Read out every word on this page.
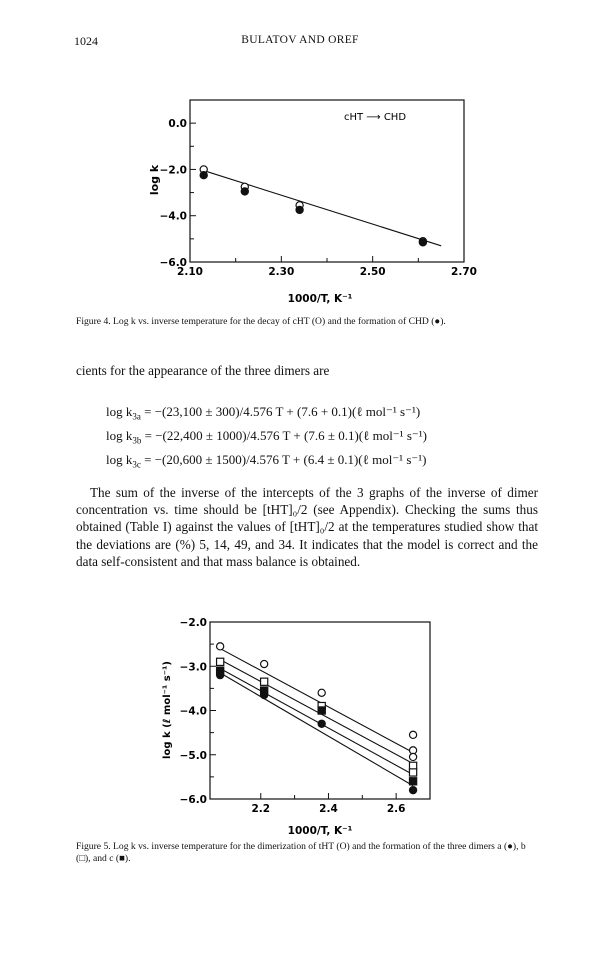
1024	BULATOV AND OREF
0.0
−2.0
−4.0
−6.0
2.10	2.30	2.50	2.70
cHT ⟶ CHD
log k
1000/T, K⁻¹
Figure 4. Log k vs. inverse temperature for the decay of cHT (O) and the formation of CHD (●).
cients for the appearance of the three dimers are
$\log k_{3a} = -(23,100 \pm 300)/4.576$ T + (7.6 + 0.1)(ℓ mol⁻¹ s⁻¹)
$\log k_{3b} = -(22,400 \pm 1000)/4.576$ T + (7.6 ± 0.1)(ℓ mol⁻¹ s⁻¹)
$\log k_{3c} = -(20,600 \pm 1500)/4.576$ T + (6.4 ± 0.1)(ℓ mol⁻¹ s⁻¹)
The sum of the inverse of the intercepts of the 3 graphs of the inverse of dimer concentration vs. time should be [tHT]₀/2 (see Appendix). Checking the sums thus obtained (Table I) against the values of [tHT]₀/2 at the temperatures studied show that the deviations are (%) 5, 14, 49, and 34. It indicates that the model is correct and the data self-consistent and that mass balance is obtained.
−2.0
−3.0
−4.0
−5.0
−6.0
2.2	2.4	2.6
log k (ℓ mol⁻¹ s⁻¹)
1000/T, K⁻¹
Figure 5. Log k vs. inverse temperature for the dimerization of tHT (O) and the formation of the three dimers a (●), b (□), and c (■).
